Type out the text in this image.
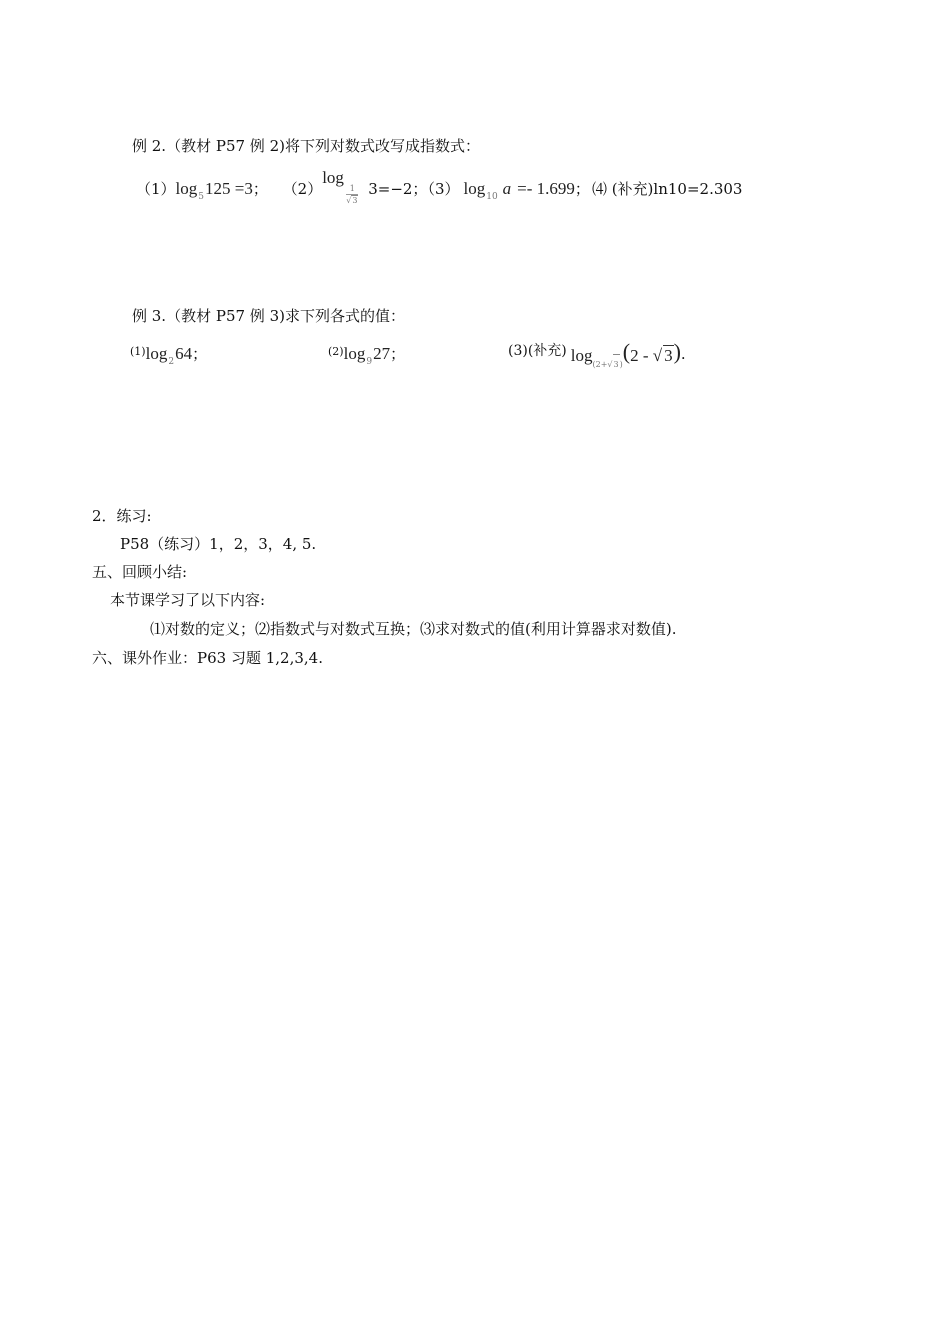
例 2.（教材 P57 例 2)将下列对数式改写成指数式：
$(1)\log_5125 =3$； （2）
log
1
√3
3=−2；（3） $\log_{10} a =- 1.699$； ⑷ (补充)ln10=2.303
例 3.（教材 P57 例 3)求下列各式的值：
$^{(1)}\log_264$；	$^{(2)}\log_927$；	(3)(补充) $\log_{(2+√3)}(2$ - √ 3).
2．练习:
P58（练习）1，2，3，4, 5.
五、回顾小结:
本节课学习了以下内容:
⑴对数的定义；⑵指数式与对数式互换；⑶求对数式的值(利用计算器求对数值).
六、课外作业：P63 习题 1,2,3,4.
